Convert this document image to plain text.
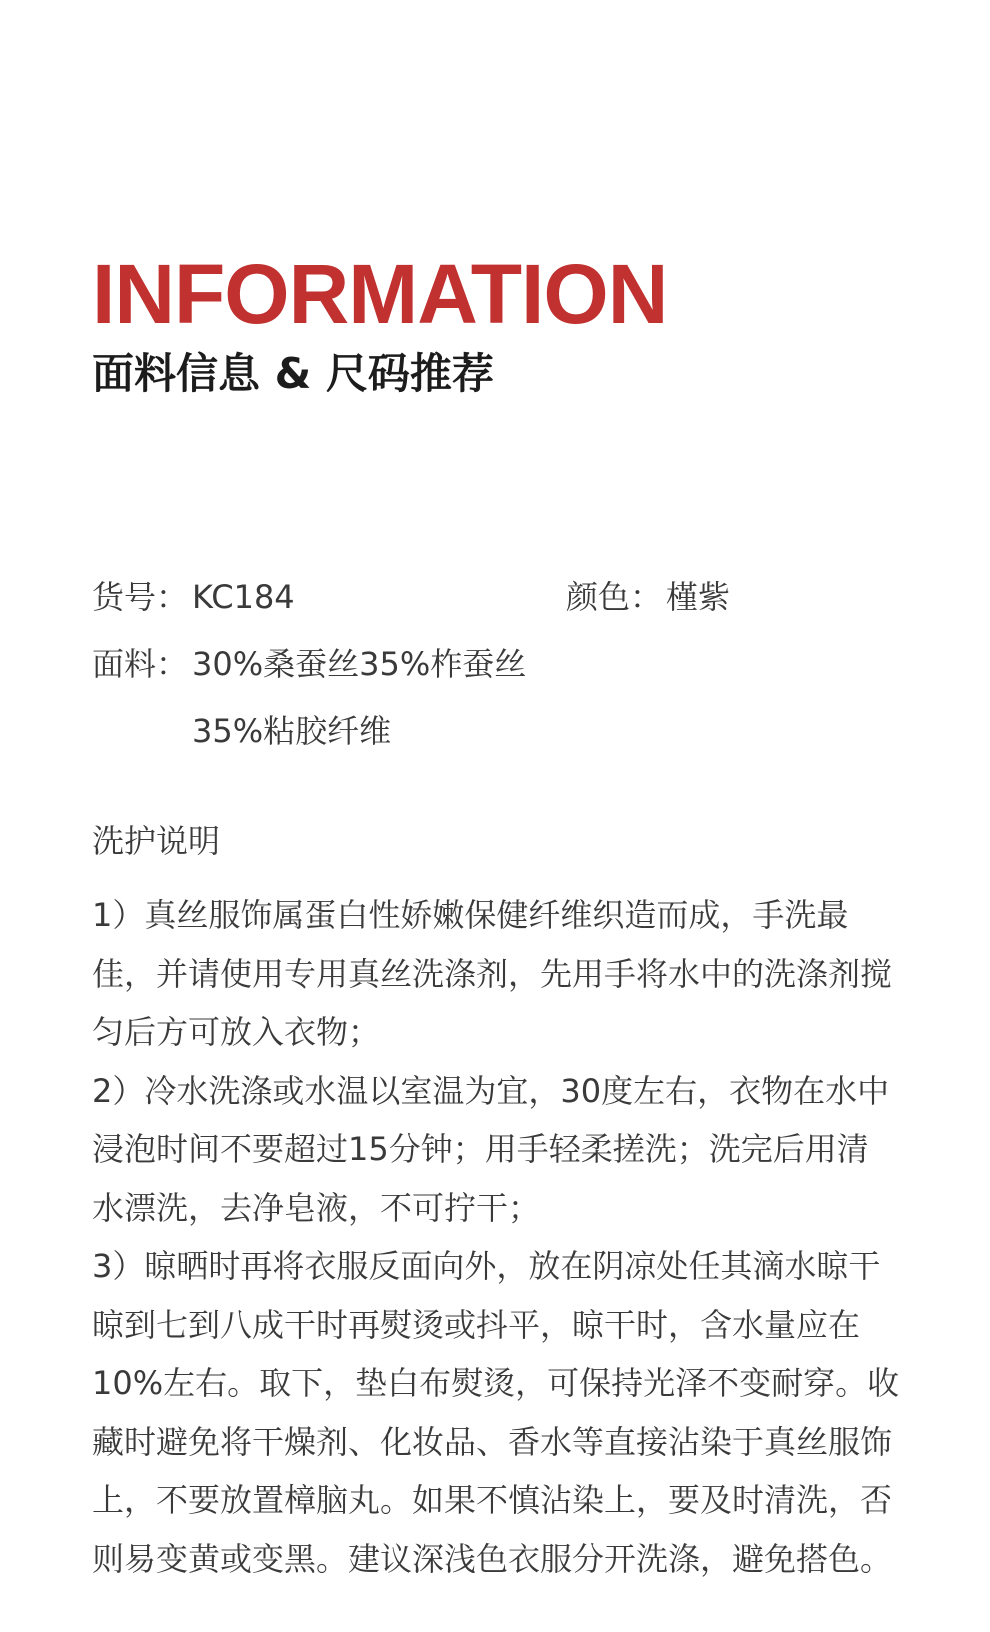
INFORMATION
面料信息 & 尺码推荐
货号： KC184	颜色： 槿紫
面料： 30%桑蚕丝35%柞蚕丝
35%粘胶纤维
洗护说明

1）真丝服饰属蛋白性娇嫩保健纤维织造而成，手洗最佳，并请使用专用真丝洗涤剂，先用手将水中的洗涤剂搅匀后方可放入衣物；

2）冷水洗涤或水温以室温为宜，30度左右，衣物在水中浸泡时间不要超过15分钟；用手轻柔搓洗；洗完后用清水漂洗，去净皂液，不可拧干；

3）晾晒时再将衣服反面向外，放在阴凉处任其滴水晾干晾到七到八成干时再熨烫或抖平，晾干时，含水量应在10%左右。取下，垫白布熨烫，可保持光泽不变耐穿。收藏时避免将干燥剂、化妆品、香水等直接沾染于真丝服饰上，不要放置樟脑丸。如果不慎沾染上，要及时清洗，否则易变黄或变黑。建议深浅色衣服分开洗涤，避免搭色。
